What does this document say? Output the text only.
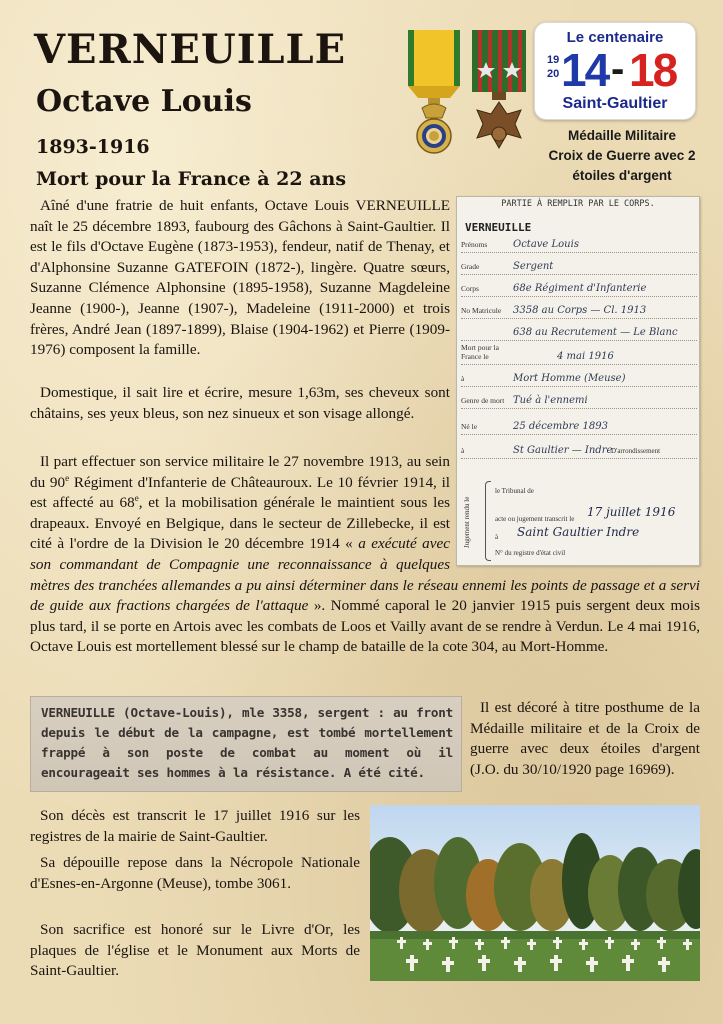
VERNEUILLE
Octave Louis
1893-1916
Mort pour la France à 22 ans
Le centenaire
19
20 14 - 18
Saint-Gaultier
Médaille Militaire
Croix de Guerre avec 2
étoiles d'argent
Aîné d'une fratrie de huit enfants, Octave Louis VERNEUILLE naît le 25 décembre 1893, faubourg des Gâchons à Saint-Gaultier. Il est le fils d'Octave Eugène (1873-1953), fendeur, natif de Thenay, et d'Alphonsine Suzanne GATEFOIN (1872-), lingère. Quatre sœurs, Suzanne Clémence Alphonsine (1895-1958), Suzanne Magdeleine Jeanne (1900-), Jeanne (1907-), Madeleine (1911-2000) et trois frères, André Jean (1897-1899), Blaise (1904-1962) et Pierre (1909-1976) composent la famille.
Domestique, il sait lire et écrire, mesure 1,63m, ses cheveux sont châtains, ses yeux bleus, son nez sinueux et son visage allongé.
Il part effectuer son service militaire le 27 novembre 1913, au sein du 90e Régiment d'Infanterie de Châteauroux. Le 10 février 1914, il est affecté au 68e, et la mobilisation générale le maintient sous les drapeaux. Envoyé en Belgique, dans le secteur de Zillebecke, il est cité à l'ordre de la Division le 20 décembre 1914 « a exécuté avec son commandant de Compagnie une reconnaissance à quelques mètres des tranchées allemandes a pu ainsi déterminer dans le réseau ennemi les points de passage et a servi de guide aux fractions chargées de l'attaque ». Nommé caporal le 20 janvier 1915 puis sergent deux mois plus tard, il se porte en Artois avec les combats de Loos et Vailly avant de se rendre à Verdun. Le 4 mai 1916, Octave Louis est mortellement blessé sur le champ de bataille de la cote 304, au Mort-Homme.
PARTIE À REMPLIR PAR LE CORPS.
VERNEUILLE
Prénoms	Octave Louis
Grade	Sergent
Corps	68e Régiment d'Infanterie
No Matricule	3358 au Corps — Cl. 1913
638 au Recrutement — Le Blanc
Mort pour la France le	4 mai 1916
à	Mort Homme (Meuse)
Genre de mort Tué à l'ennemi
Né le	25 décembre 1893
à	St Gaultier — Indre
D'arrondissement
Jugement rendu le
le Tribunal de
acte ou jugement transcrit le 17 juillet 1916
à Saint Gaultier Indre
N° du registre d'état civil
VERNEUILLE (Octave-Louis), mle 3358, sergent : au front depuis le début de la campagne, est tombé mortellement frappé à son poste de combat au moment où il encourageait ses hommes à la résistance. A été cité.
Il est décoré à titre posthume de la Médaille militaire et de la Croix de guerre avec deux étoiles d'argent (J.O. du 30/10/1920 page 16969).
Son décès est transcrit le 17 juillet 1916 sur les registres de la mairie de Saint-Gaultier.
Sa dépouille repose dans la Nécropole Nationale d'Esnes-en-Argonne (Meuse), tombe 3061.
Son sacrifice est honoré sur le Livre d'Or, les plaques de l'église et le Monument aux Morts de Saint-Gaultier.
